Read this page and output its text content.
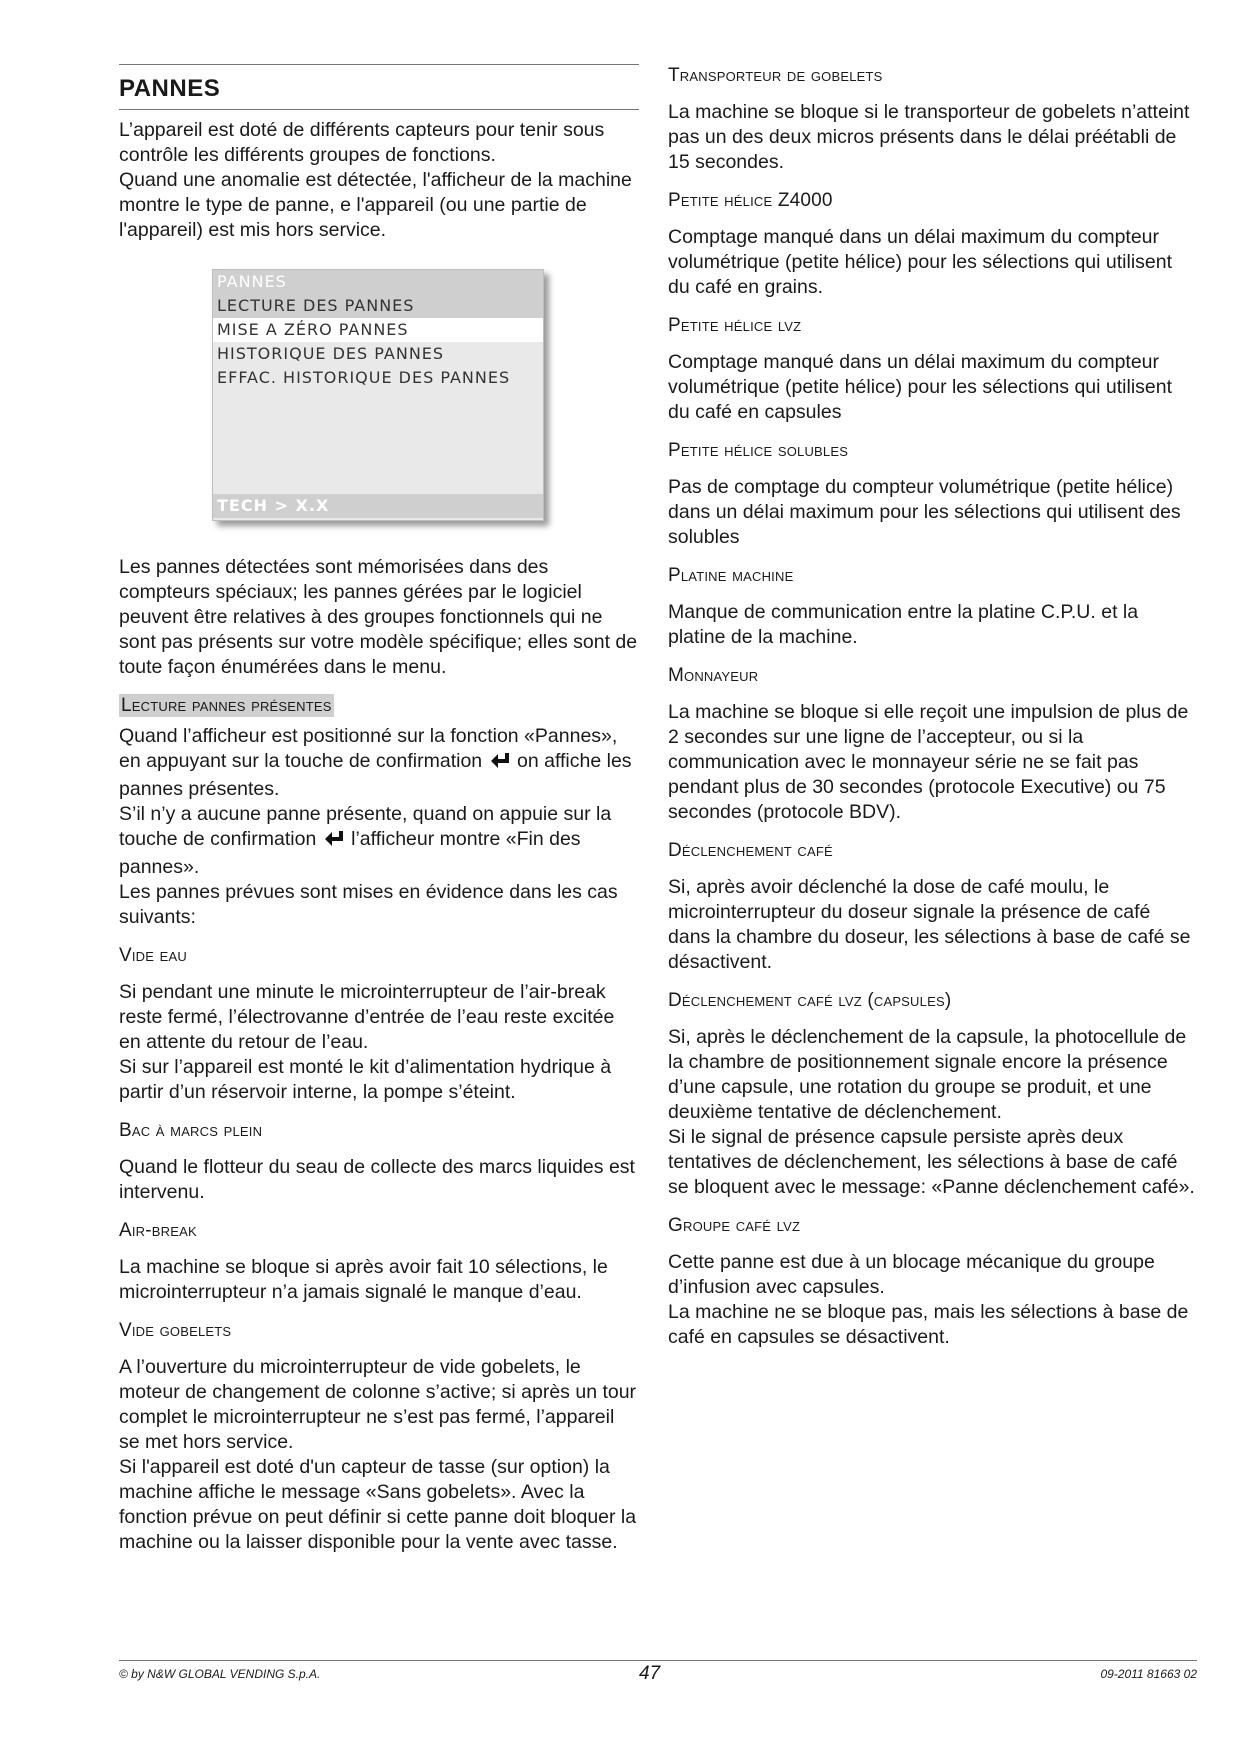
PANNES

L’appareil est doté de différents capteurs pour tenir sous contrôle les différents groupes de fonctions.
Quand une anomalie est détectée, l'afficheur de la machine montre le type de panne, e l'appareil (ou une partie de l'appareil) est mis hors service.

PANNES
LECTURE DES PANNES
MISE A ZÉRO PANNES
HISTORIQUE DES PANNES
EFFAC. HISTORIQUE DES PANNES
TECH > X.X

Les pannes détectées sont mémorisées dans des compteurs spéciaux; les pannes gérées par le logiciel peuvent être relatives à des groupes fonctionnels qui ne sont pas présents sur votre modèle spécifique; elles sont de toute façon énumérées dans le menu.

Lecture pannes présentes

Quand l’afficheur est positionné sur la fonction «Pannes», en appuyant sur la touche de confirmation on affiche les pannes présentes.
S’il n’y a aucune panne présente, quand on appuie sur la touche de confirmation l’afficheur montre «Fin des pannes».
Les pannes prévues sont mises en évidence dans les cas suivants:

Vide eau

Si pendant une minute le microinterrupteur de l’air-break reste fermé, l’électrovanne d’entrée de l’eau reste excitée en attente du retour de l’eau.
Si sur l’appareil est monté le kit d’alimentation hydrique à partir d’un réservoir interne, la pompe s’éteint.

Bac à marcs plein

Quand le flotteur du seau de collecte des marcs liquides est intervenu.

Air-break

La machine se bloque si après avoir fait 10 sélections, le microinterrupteur n’a jamais signalé le manque d’eau.

Vide gobelets

A l’ouverture du microinterrupteur de vide gobelets, le moteur de changement de colonne s’active; si après un tour complet le microinterrupteur ne s’est pas fermé, l’appareil se met hors service.
Si l'appareil est doté d'un capteur de tasse (sur option) la machine affiche le message «Sans gobelets». Avec la fonction prévue on peut définir si cette panne doit bloquer la machine ou la laisser disponible pour la vente avec tasse.

Transporteur de gobelets

La machine se bloque si le transporteur de gobelets n’atteint pas un des deux micros présents dans le délai préétabli de 15 secondes.

Petite hélice Z4000

Comptage manqué dans un délai maximum du compteur volumétrique (petite hélice) pour les sélections qui utilisent du café en grains.

Petite hélice lvz

Comptage manqué dans un délai maximum du compteur volumétrique (petite hélice) pour les sélections qui utilisent du café en capsules

Petite hélice solubles

Pas de comptage du compteur volumétrique (petite hélice) dans un délai maximum pour les sélections qui utilisent des solubles

Platine machine

Manque de communication entre la platine C.P.U. et la platine de la machine.

Monnayeur

La machine se bloque si elle reçoit une impulsion de plus de 2 secondes sur une ligne de l’accepteur, ou si la communication avec le monnayeur série ne se fait pas pendant plus de 30 secondes (protocole Executive) ou 75 secondes (protocole BDV).

Déclenchement café

Si, après avoir déclenché la dose de café moulu, le microinterrupteur du doseur signale la présence de café dans la chambre du doseur, les sélections à base de café se désactivent.

Déclenchement café lvz (capsules)

Si, après le déclenchement de la capsule, la photocellule de la chambre de positionnement signale encore la présence d’une capsule, une rotation du groupe se produit, et une deuxième tentative de déclenchement.
Si le signal de présence capsule persiste après deux tentatives de déclenchement, les sélections à base de café se bloquent avec le message: «Panne déclenchement café».

Groupe café lvz

Cette panne est due à un blocage mécanique du groupe d’infusion avec capsules.
La machine ne se bloque pas, mais les sélections à base de café en capsules se désactivent.

© by N&W GLOBAL VENDING S.p.A.	47	09-2011 81663 02
